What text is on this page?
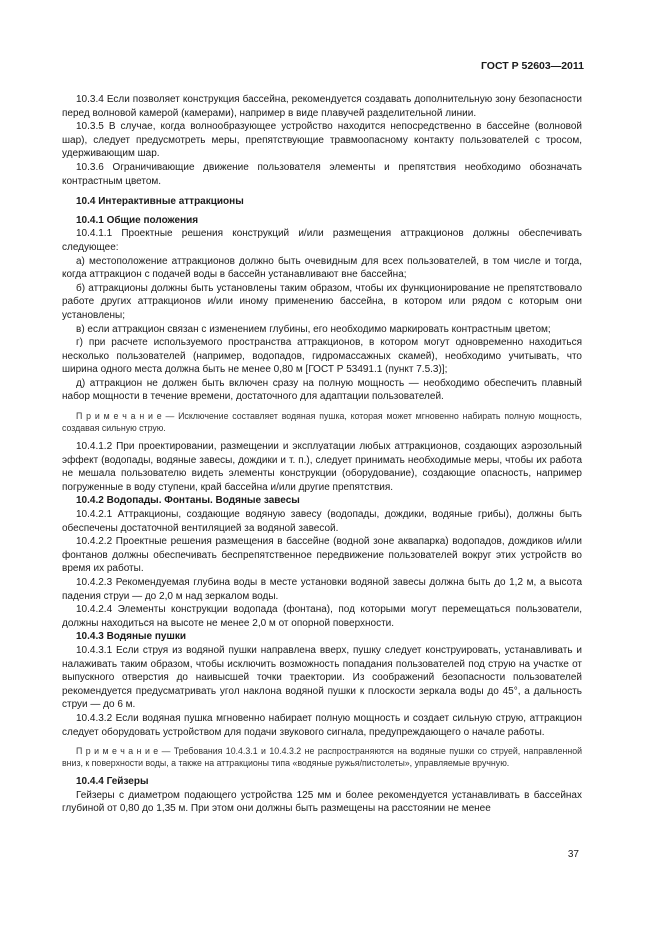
ГОСТ Р 52603—2011

10.3.4 Если позволяет конструкция бассейна, рекомендуется создавать дополнительную зону безопасности перед волновой камерой (камерами), например в виде плавучей разделительной линии.

10.3.5 В случае, когда волнообразующее устройство находится непосредственно в бассейне (волновой шар), следует предусмотреть меры, препятствующие травмоопасному контакту пользователей с тросом, удерживающим шар.

10.3.6 Ограничивающие движение пользователя элементы и препятствия необходимо обозначать контрастным цветом.

10.4 Интерактивные аттракционы

10.4.1 Общие положения

10.4.1.1 Проектные решения конструкций и/или размещения аттракционов должны обеспечивать следующее:

а) местоположение аттракционов должно быть очевидным для всех пользователей, в том числе и тогда, когда аттракцион с подачей воды в бассейн устанавливают вне бассейна;

б) аттракционы должны быть установлены таким образом, чтобы их функционирование не препятствовало работе других аттракционов и/или иному применению бассейна, в котором или рядом с которым они установлены;

в) если аттракцион связан с изменением глубины, его необходимо маркировать контрастным цветом;

г) при расчете используемого пространства аттракционов, в котором могут одновременно находиться несколько пользователей (например, водопадов, гидромассажных скамей), необходимо учитывать, что ширина одного места должна быть не менее 0,80 м [ГОСТ Р 53491.1 (пункт 7.5.3)];

д) аттракцион не должен быть включен сразу на полную мощность — необходимо обеспечить плавный набор мощности в течение времени, достаточного для адаптации пользователей.

П р и м е ч а н и е — Исключение составляет водяная пушка, которая может мгновенно набирать полную мощность, создавая сильную струю.

10.4.1.2 При проектировании, размещении и эксплуатации любых аттракционов, создающих аэрозольный эффект (водопады, водяные завесы, дождики и т. п.), следует принимать необходимые меры, чтобы их работа не мешала пользователю видеть элементы конструкции (оборудование), создающие опасность, например погруженные в воду ступени, край бассейна и/или другие препятствия.

10.4.2 Водопады. Фонтаны. Водяные завесы

10.4.2.1 Аттракционы, создающие водяную завесу (водопады, дождики, водяные грибы), должны быть обеспечены достаточной вентиляцией за водяной завесой.

10.4.2.2 Проектные решения размещения в бассейне (водной зоне аквапарка) водопадов, дождиков и/или фонтанов должны обеспечивать беспрепятственное передвижение пользователей вокруг этих устройств во время их работы.

10.4.2.3 Рекомендуемая глубина воды в месте установки водяной завесы должна быть до 1,2 м, а высота падения струи — до 2,0 м над зеркалом воды.

10.4.2.4 Элементы конструкции водопада (фонтана), под которыми могут перемещаться пользователи, должны находиться на высоте не менее 2,0 м от опорной поверхности.

10.4.3 Водяные пушки

10.4.3.1 Если струя из водяной пушки направлена вверх, пушку следует конструировать, устанавливать и налаживать таким образом, чтобы исключить возможность попадания пользователей под струю на участке от выпускного отверстия до наивысшей точки траектории. Из соображений безопасности пользователей рекомендуется предусматривать угол наклона водяной пушки к плоскости зеркала воды до 45°, а дальность струи — до 6 м.

10.4.3.2 Если водяная пушка мгновенно набирает полную мощность и создает сильную струю, аттракцион следует оборудовать устройством для подачи звукового сигнала, предупреждающего о начале работы.

П р и м е ч а н и е — Требования 10.4.3.1 и 10.4.3.2 не распространяются на водяные пушки со струей, направленной вниз, к поверхности воды, а также на аттракционы типа «водяные ружья/пистолеты», управляемые вручную.

10.4.4 Гейзеры

Гейзеры с диаметром подающего устройства 125 мм и более рекомендуется устанавливать в бассейнах глубиной от 0,80 до 1,35 м. При этом они должны быть размещены на расстоянии не менее

37
